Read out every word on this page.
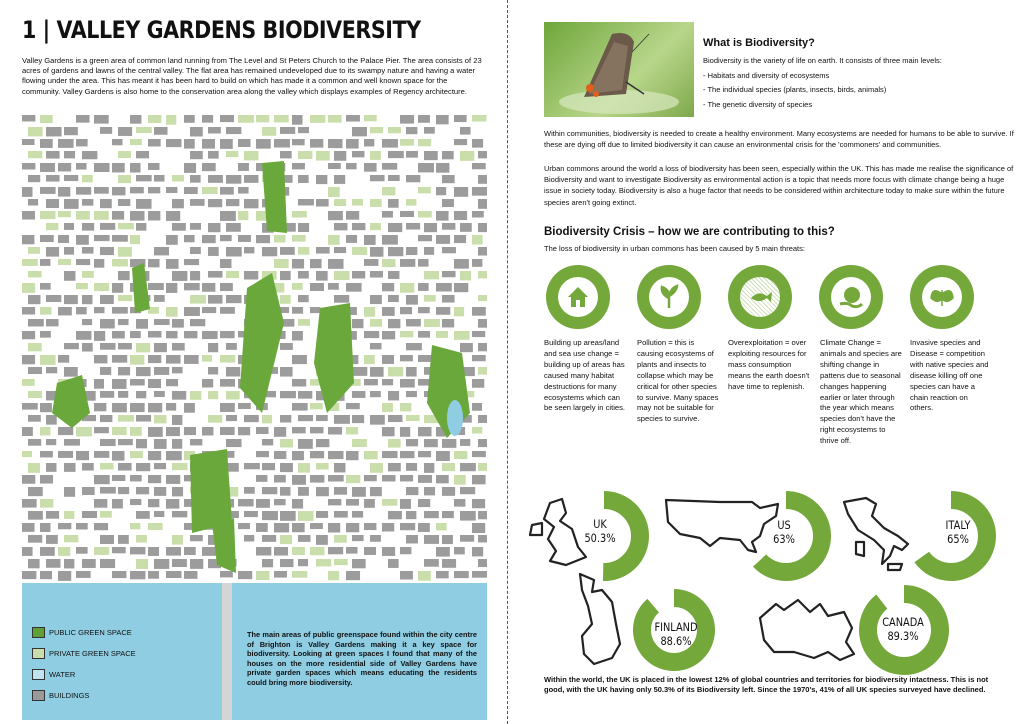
1 | VALLEY GARDENS BIODIVERSITY
Valley Gardens is a green area of common land running from The Level and St Peters Church to the Palace Pier. The area consists of 23 acres of gardens and lawns of the central valley. The flat area has remained undeveloped due to its swampy nature and having a water flowing under the area. This has meant it has been hard to build on which has made it a common and well known space for the community. Valley Gardens is also home to the conservation area along the valley which displays examples of Regency architecture.
PUBLIC GREEN SPACE
PRIVATE GREEN SPACE
WATER
BUILDINGS
The main areas of public greenspace found within the city centre of Brighton is Valley Gardens making it a key space for biodiversity. Looking at green spaces I found that many of the houses on the more residential side of Valley Gardens have private garden spaces which means educating the residents could bring more biodiversity.
What is Biodiversity?
Biodiversity is the variety of life on earth. It consists of three main levels:
- Habitats and diversity of ecosystems
- The individual species (plants, insects, birds, animals)
- The genetic diversity of species
Within communities, biodiversity is needed to create a healthy environment. Many ecosystems are needed for humans to be able to survive. If these are dying off due to limited biodiversity it can cause an environmental crisis for the 'commoners' and communities.
Urban commons around the world a loss of biodiversity has been seen, especially within the UK. This has made me realise the significance of Biodiversity and want to investigate Biodiversity as environmental action is a topic that needs more focus with climate change being a huge issue in society today. Biodiversity is also a huge factor that needs to be considered within architecture today to make sure within the future species aren't going extinct.
Biodiversity Crisis – how we are contributing to this?
The loss of biodiversity in urban commons has been caused by 5 main threats:
Building up areas/land and sea use change = building up of areas has caused many habitat destructions for many ecosystems which can be seen largely in cities.
Pollution = this is causing ecosystems of plants and insects to collapse which may be critical for other species to survive. Many spaces may not be suitable for species to survive.
Overexploitation = over exploiting resources for mass consumption means the earth doesn't have time to replenish.
Climate Change = animals and species are shifting change in pattens due to seasonal changes happening earlier or later through the year which means species don't have the right ecosystems to thrive off.
Invasive species and Disease = competition with native species and disease killing off one species can have a chain reaction on others.
UK
50.3%
US
63%
ITALY
65%
FINLAND
88.6%
CANADA
89.3%
Within the world, the UK is placed in the lowest 12% of global countries and territories for biodiversity intactness. This is not good, with the UK having only 50.3% of its Biodiversity left. Since the 1970's, 41% of all UK species surveyed have declined.
